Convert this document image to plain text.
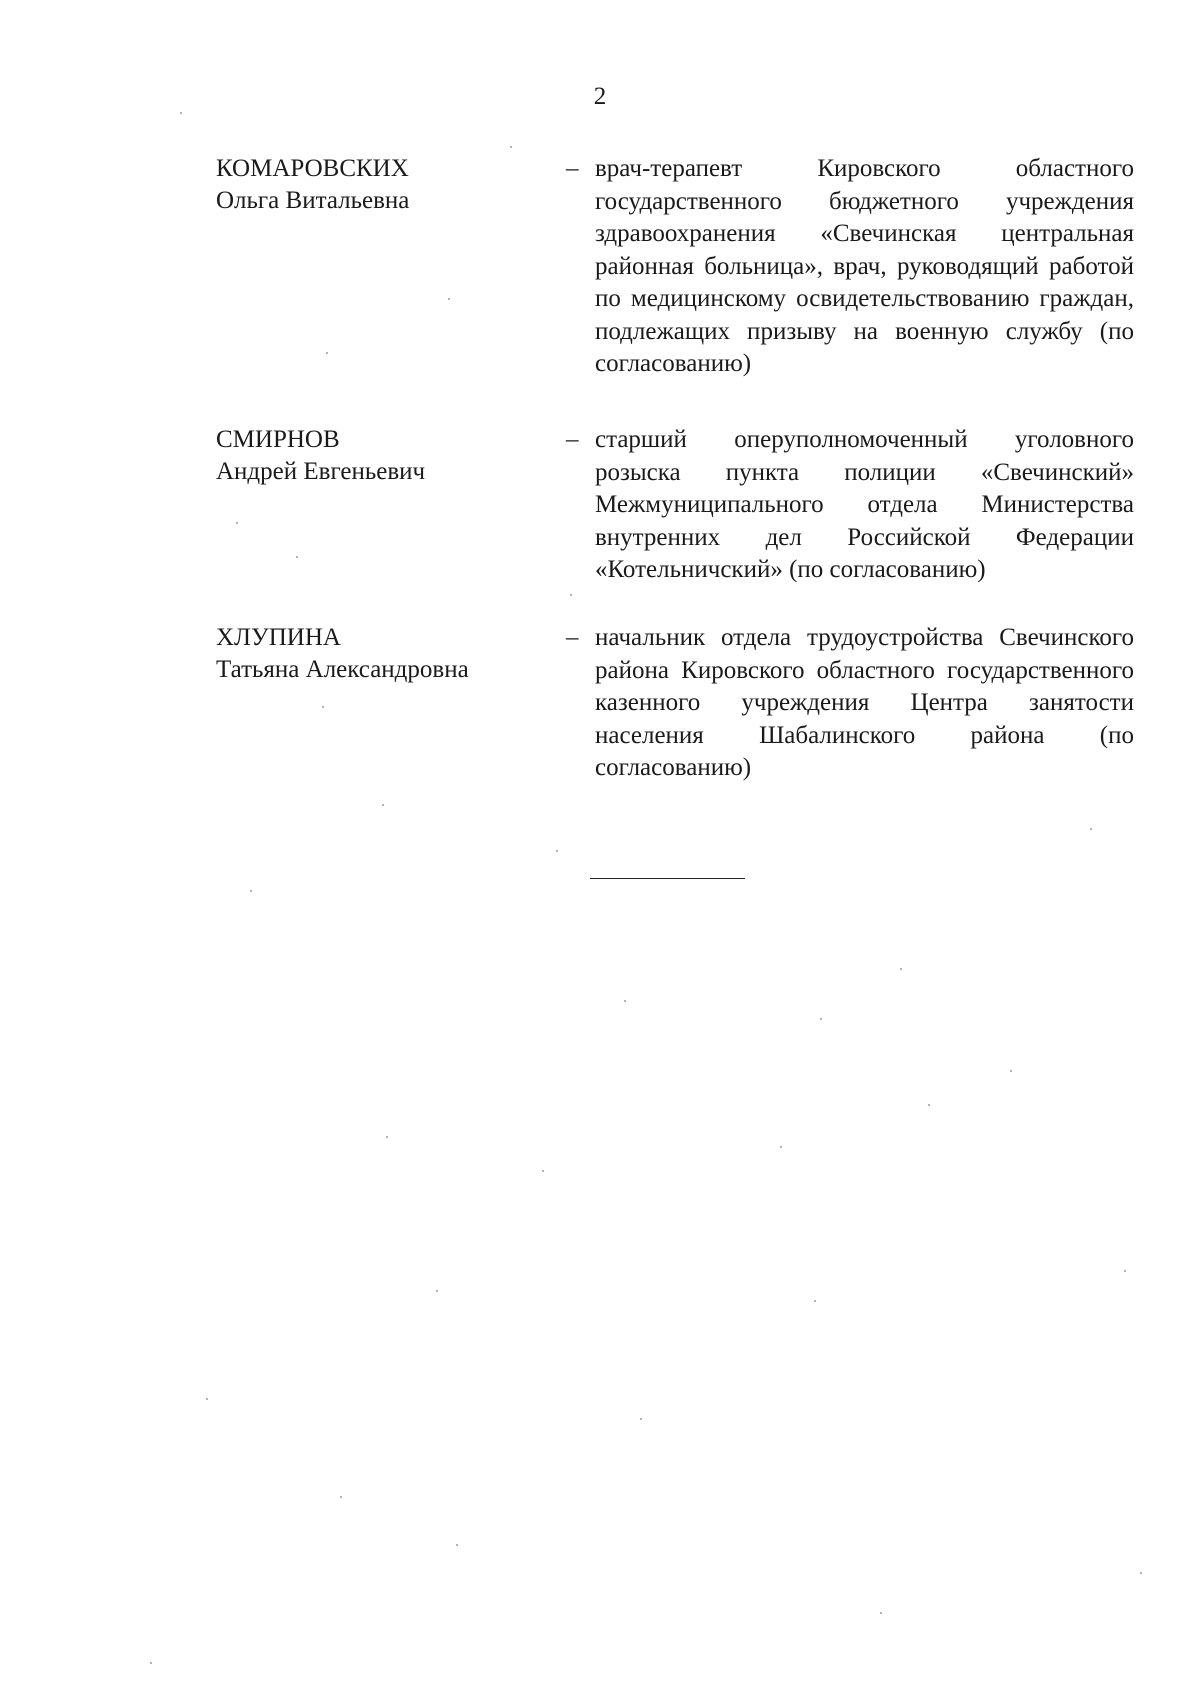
2
КОМАРОВСКИХ
Ольга Витальевна
– врач-терапевт Кировского областного государственного бюджетного учреждения здравоохранения «Свечинская центральная районная больница», врач, руководящий работой по медицинскому освидетельствованию граждан, подлежащих призыву на военную службу (по согласованию)
СМИРНОВ
Андрей Евгеньевич
– старший оперуполномоченный уголовного розыска пункта полиции «Свечинский» Межмуниципального отдела Министерства внутренних дел Российской Федерации «Котельничский» (по согласованию)
ХЛУПИНА
Татьяна Александровна
– начальник отдела трудоустройства Свечинского района Кировского областного государственного казенного учреждения Центра занятости населения Шабалинского района (по согласованию)
